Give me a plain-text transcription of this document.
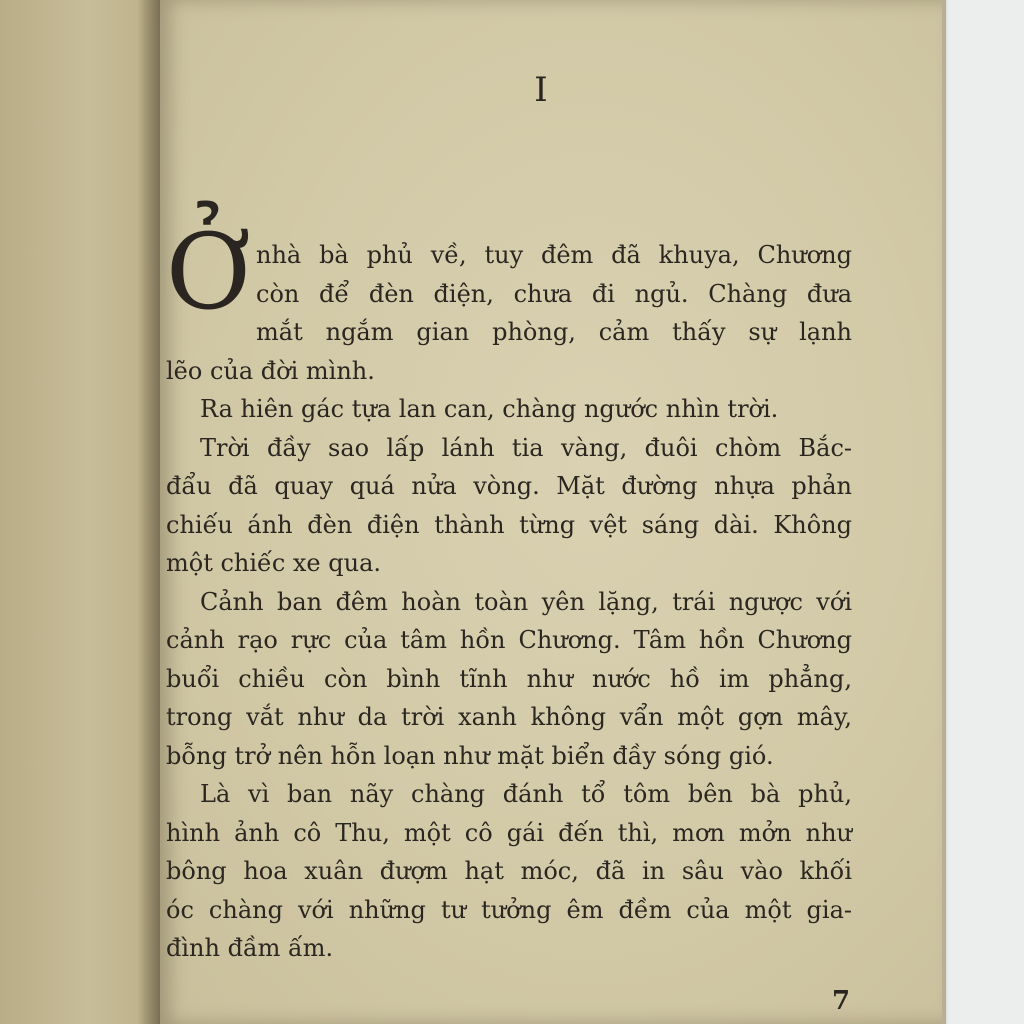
I
Ở nhà bà phủ về, tuy đêm đã khuya, Chương
còn để đèn điện, chưa đi ngủ. Chàng đưa
mắt ngắm gian phòng, cảm thấy sự lạnh
lẽo của đời mình.
Ra hiên gác tựa lan can, chàng ngước nhìn trời.
Trời đầy sao lấp lánh tia vàng, đuôi chòm Bắc-
đẩu đã quay quá nửa vòng. Mặt đường nhựa phản
chiếu ánh đèn điện thành từng vệt sáng dài. Không
một chiếc xe qua.
Cảnh ban đêm hoàn toàn yên lặng, trái ngược với
cảnh rạo rực của tâm hồn Chương. Tâm hồn Chương
buổi chiều còn bình tĩnh như nước hồ im phẳng,
trong vắt như da trời xanh không vẩn một gợn mây,
bỗng trở nên hỗn loạn như mặt biển đầy sóng gió.
Là vì ban nãy chàng đánh tổ tôm bên bà phủ,
hình ảnh cô Thu, một cô gái đến thì, mơn mởn như
bông hoa xuân đượm hạt móc, đã in sâu vào khối
óc chàng với những tư tưởng êm đềm của một gia-
đình đầm ấm.
7
